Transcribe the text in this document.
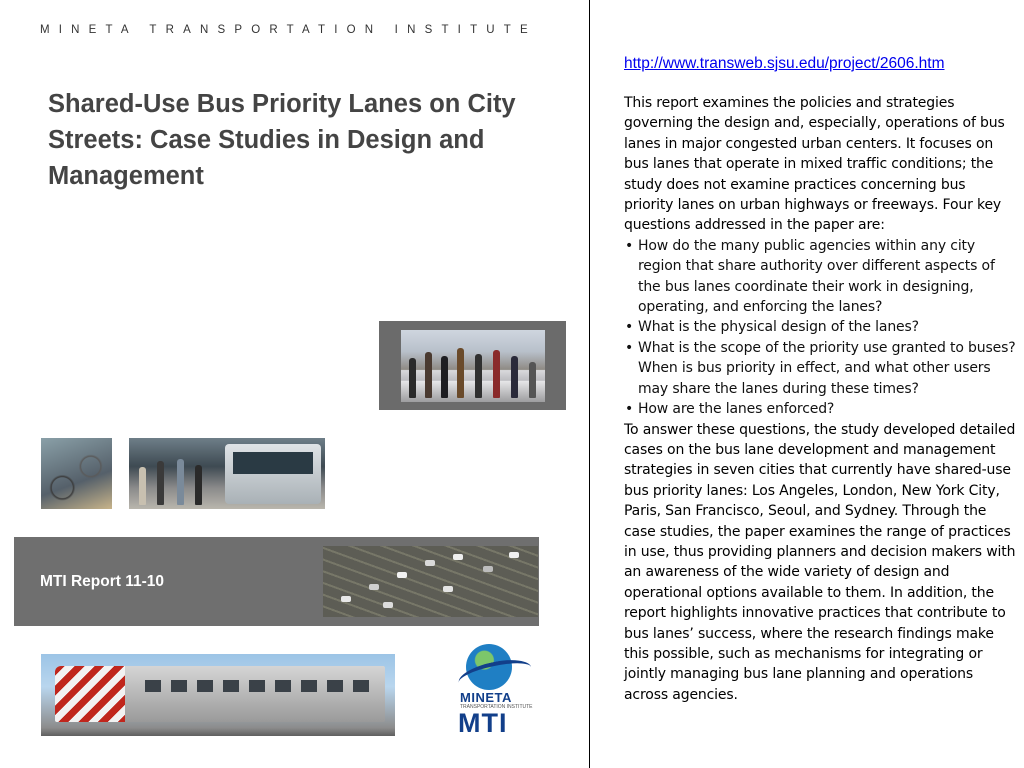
MINETA TRANSPORTATION INSTITUTE
Shared-Use Bus Priority Lanes on City Streets: Case Studies in Design and Management
MTI Report 11-10
MINETA
TRANSPORTATION INSTITUTE
MTI
http://www.transweb.sjsu.edu/project/2606.htm

This report examines the policies and strategies governing the design and, especially, operations of bus lanes in major congested urban centers. It focuses on bus lanes that operate in mixed traffic conditions; the study does not examine practices concerning bus priority lanes on urban highways or freeways. Four key questions addressed in the paper are:

• How do the many public agencies within any city region that share authority over different aspects of the bus lanes coordinate their work in designing, operating, and enforcing the lanes?
• What is the physical design of the lanes?
• What is the scope of the priority use granted to buses? When is bus priority in effect, and what other users may share the lanes during these times?
• How are the lanes enforced?

To answer these questions, the study developed detailed cases on the bus lane development and management strategies in seven cities that currently have shared-use bus priority lanes: Los Angeles, London, New York City, Paris, San Francisco, Seoul, and Sydney. Through the case studies, the paper examines the range of practices in use, thus providing planners and decision makers with an awareness of the wide variety of design and operational options available to them. In addition, the report highlights innovative practices that contribute to bus lanes’ success, where the research findings make this possible, such as mechanisms for integrating or jointly managing bus lane planning and operations across agencies.
